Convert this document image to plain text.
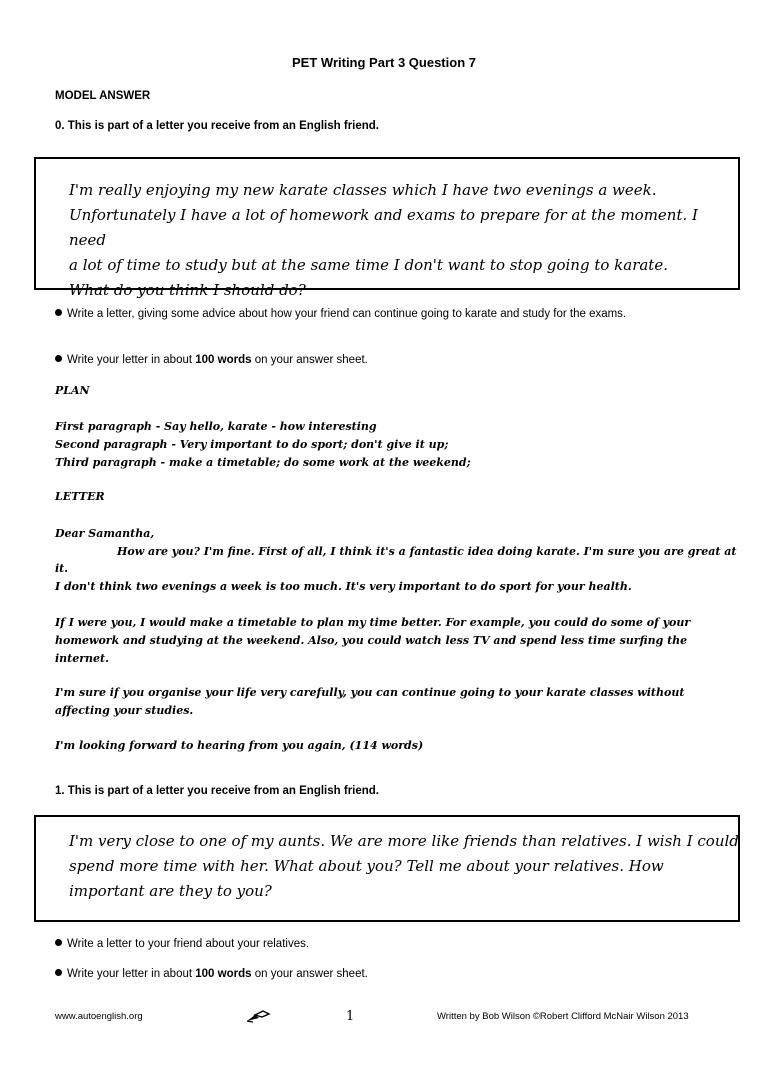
PET Writing Part 3 Question 7
MODEL ANSWER
0. This is part of a letter you receive from an English friend.
I'm really enjoying my new karate classes which I have two evenings a week.
Unfortunately I have a lot of homework and exams to prepare for at the moment. I need
a lot of time to study but at the same time I don't want to stop going to karate.
What do you think I should do?
Write a letter, giving some advice about how your friend can continue going to karate and study for the exams.
Write your letter in about 100 words on your answer sheet.
PLAN
First paragraph - Say hello, karate - how interesting
Second paragraph - Very important to do sport; don't give it up;
Third paragraph - make a timetable; do some work at the weekend;
LETTER
Dear Samantha,
How are you? I'm fine. First of all, I think it's a fantastic idea doing karate. I'm sure you are great at
it.
I don't think two evenings a week is too much. It's very important to do sport for your health.
If I were you, I would make a timetable to plan my time better. For example, you could do some of your
homework and studying at the weekend. Also, you could watch less TV and spend less time surfing the
internet.
I'm sure if you organise your life very carefully, you can continue going to your karate classes without
affecting your studies.
I'm looking forward to hearing from you again, (114 words)
1. This is part of a letter you receive from an English friend.
I'm very close to one of my aunts. We are more like friends than relatives. I wish I could
spend more time with her. What about you? Tell me about your relatives. How
important are they to you?
Write a letter to your friend about your relatives.
Write your letter in about 100 words on your answer sheet.
www.autoenglish.org	1	Written by Bob Wilson ©Robert Clifford McNair Wilson 2013
